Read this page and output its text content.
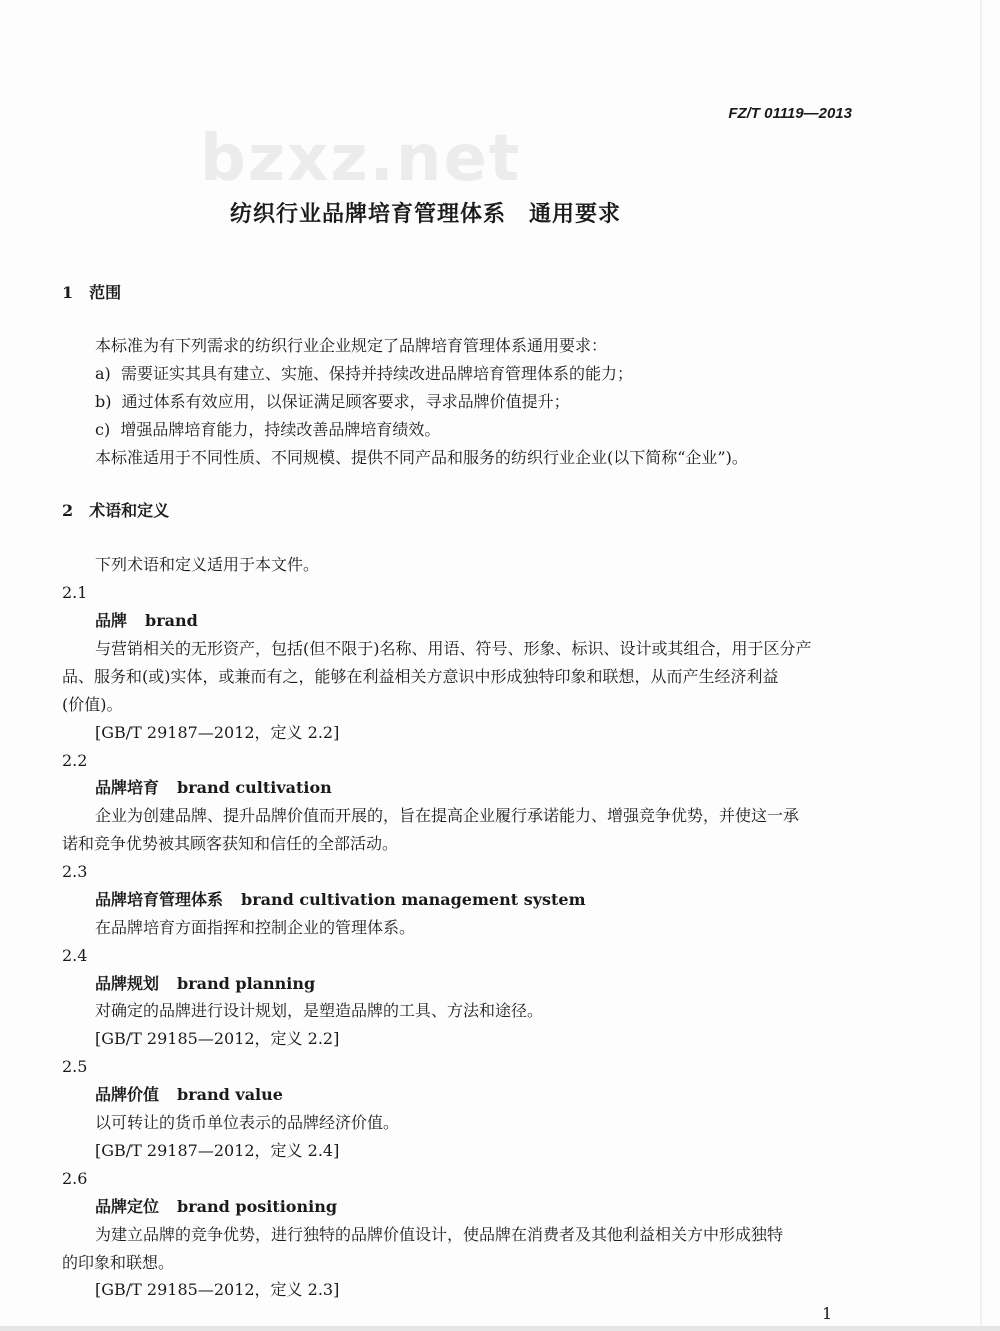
FZ/T 01119—2013
bzxz.net
纺织行业品牌培育管理体系　通用要求
1　范围
本标准为有下列需求的纺织行业企业规定了品牌培育管理体系通用要求：
a) 需要证实其具有建立、实施、保持并持续改进品牌培育管理体系的能力；
b) 通过体系有效应用，以保证满足顾客要求，寻求品牌价值提升；
c) 增强品牌培育能力，持续改善品牌培育绩效。
本标准适用于不同性质、不同规模、提供不同产品和服务的纺织行业企业(以下简称“企业”)。
2　术语和定义
下列术语和定义适用于本文件。
2.1
品牌 brand
与营销相关的无形资产，包括(但不限于)名称、用语、符号、形象、标识、设计或其组合，用于区分产
品、服务和(或)实体，或兼而有之，能够在利益相关方意识中形成独特印象和联想，从而产生经济利益
(价值)。
[GB/T 29187—2012，定义 2.2]
2.2
品牌培育 brand cultivation
企业为创建品牌、提升品牌价值而开展的，旨在提高企业履行承诺能力、增强竞争优势，并使这一承
诺和竞争优势被其顾客获知和信任的全部活动。
2.3
品牌培育管理体系 brand cultivation management system
在品牌培育方面指挥和控制企业的管理体系。
2.4
品牌规划 brand planning
对确定的品牌进行设计规划，是塑造品牌的工具、方法和途径。
[GB/T 29185—2012，定义 2.2]
2.5
品牌价值 brand value
以可转让的货币单位表示的品牌经济价值。
[GB/T 29187—2012，定义 2.4]
2.6
品牌定位 brand positioning
为建立品牌的竞争优势，进行独特的品牌价值设计，使品牌在消费者及其他利益相关方中形成独特
的印象和联想。
[GB/T 29185—2012，定义 2.3]
1
